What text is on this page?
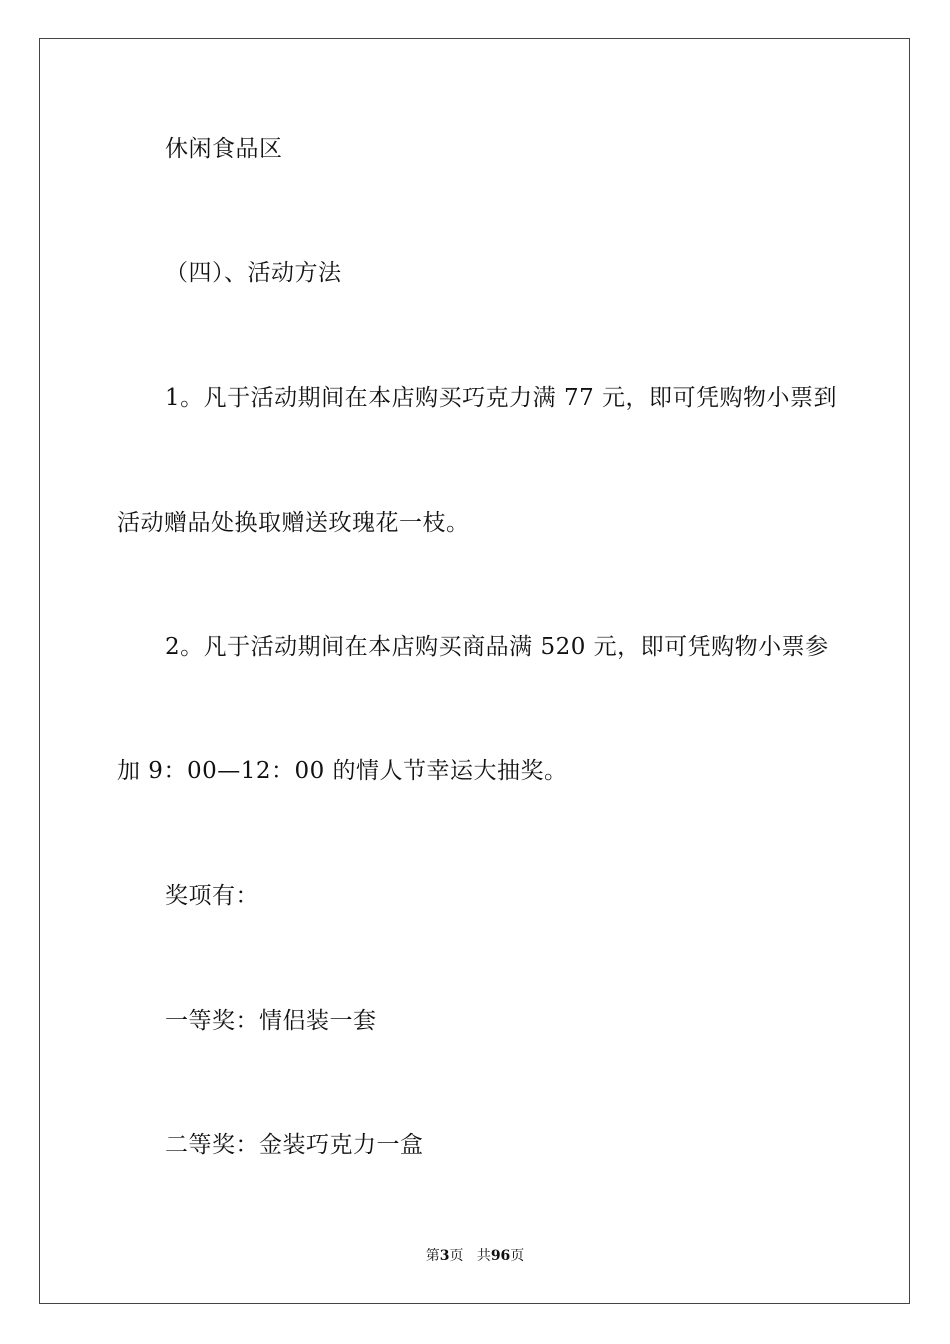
休闲食品区
（四）、活动方法
1。凡于活动期间在本店购买巧克力满 77 元，即可凭购物小票到
活动赠品处换取赠送玫瑰花一枝。
2。凡于活动期间在本店购买商品满 520 元，即可凭购物小票参
加 9：00—12：00 的情人节幸运大抽奖。
奖项有：
一等奖：情侣装一套
二等奖：金装巧克力一盒
第3页 共96页
